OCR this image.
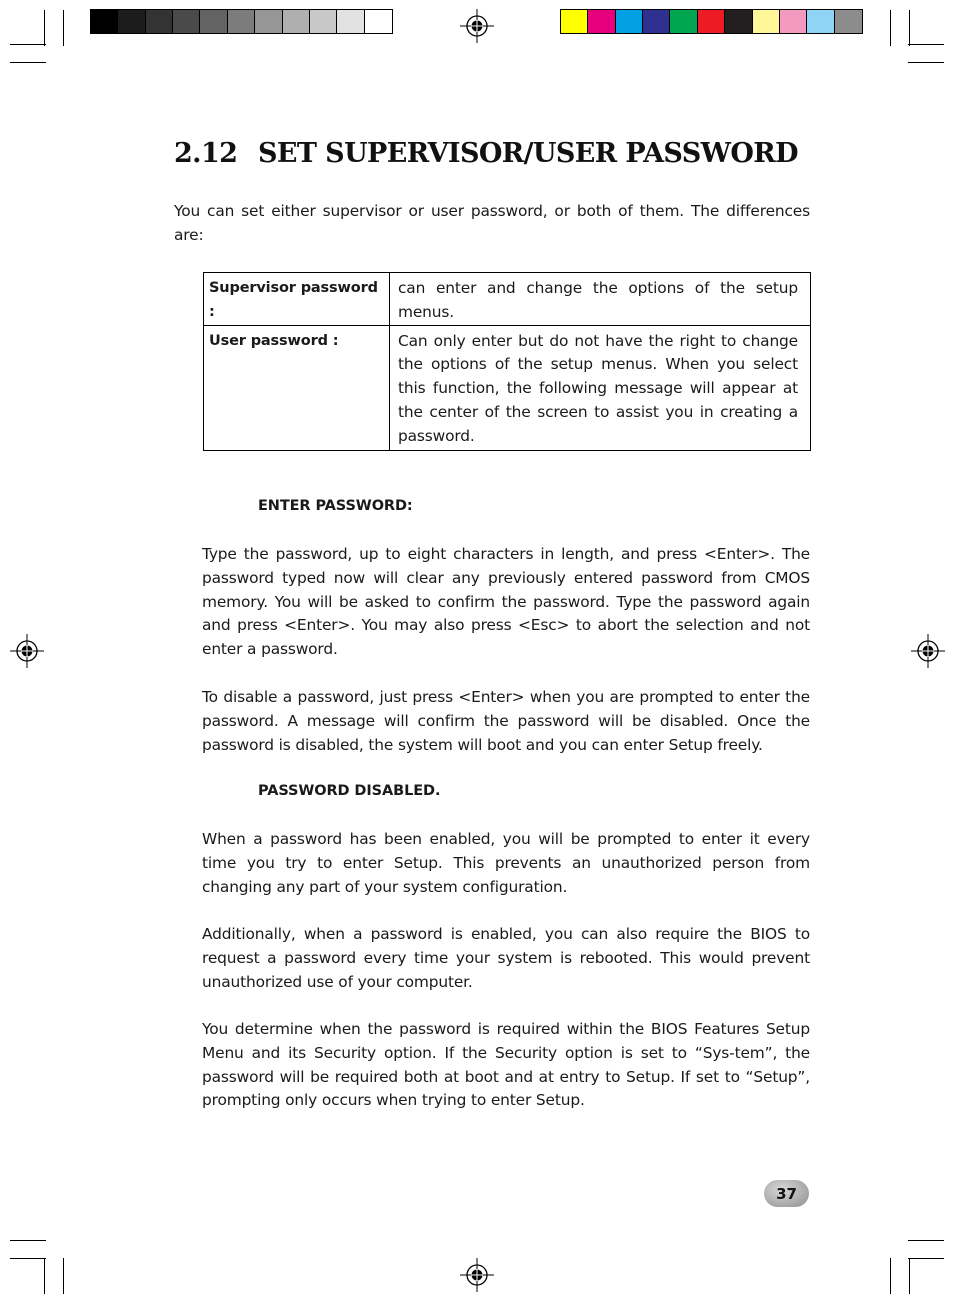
2.12 SET SUPERVISOR/USER PASSWORD

You can set either supervisor or user password, or both of them. The differences are:

Supervisor password :	can enter and change the options of the setup menus.
User password :	Can only enter but do not have the right to change the options of the setup menus. When you select this function, the following message will appear at the center of the screen to assist you in creating a password.

ENTER PASSWORD:

Type the password, up to eight characters in length, and press <Enter>. The password typed now will clear any previously entered password from CMOS memory. You will be asked to confirm the password. Type the password again and press <Enter>. You may also press <Esc> to abort the selection and not enter a password.

To disable a password, just press <Enter> when you are prompted to enter the password. A message will confirm the password will be disabled. Once the password is disabled, the system will boot and you can enter Setup freely.

PASSWORD DISABLED.

When a password has been enabled, you will be prompted to enter it every time you try to enter Setup. This prevents an unauthorized person from changing any part of your system configuration.

Additionally, when a password is enabled, you can also require the BIOS to request a password every time your system is rebooted. This would prevent unauthorized use of your computer.

You determine when the password is required within the BIOS Features Setup Menu and its Security option. If the Security option is set to “Sys-tem”, the password will be required both at boot and at entry to Setup. If set to “Setup”, prompting only occurs when trying to enter Setup.

37
